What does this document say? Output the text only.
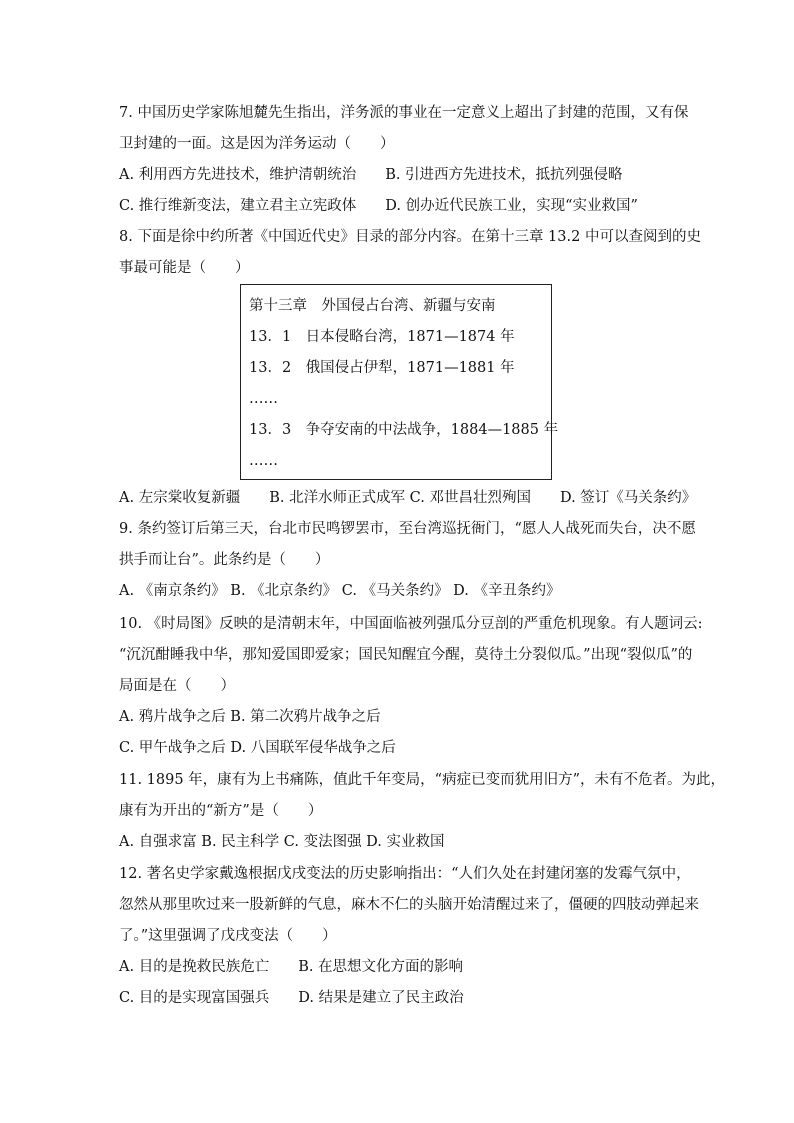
7. 中国历史学家陈旭麓先生指出，洋务派的事业在一定意义上超出了封建的范围，又有保
卫封建的一面。这是因为洋务运动（　　）
A. 利用西方先进技术，维护清朝统治　　B. 引进西方先进技术，抵抗列强侵略
C. 推行维新变法，建立君主立宪政体　　D. 创办近代民族工业，实现“实业救国”
8. 下面是徐中约所著《中国近代史》目录的部分内容。在第十三章 13.2 中可以查阅到的史
事最可能是（　　）
第十三章　外国侵占台湾、新疆与安南
13．1　日本侵略台湾，1871—1874 年
13．2　俄国侵占伊犁，1871—1881 年
……
13．3　争夺安南的中法战争，1884—1885 年
……
A. 左宗棠收复新疆　　B. 北洋水师正式成军 C. 邓世昌壮烈殉国　　D. 签订《马关条约》
9. 条约签订后第三天，台北市民鸣锣罢市，至台湾巡抚衙门，“愿人人战死而失台，决不愿
拱手而让台”。此条约是（　　）
A. 《南京条约》 B. 《北京条约》 C. 《马关条约》 D. 《辛丑条约》
10. 《时局图》反映的是清朝末年，中国面临被列强瓜分豆剖的严重危机现象。有人题词云:
“沉沉酣睡我中华，那知爱国即爱家；国民知醒宜今醒，莫待土分裂似瓜。”出现“裂似瓜”的
局面是在（　　）
A. 鸦片战争之后 B. 第二次鸦片战争之后
C. 甲午战争之后 D. 八国联军侵华战争之后
11. 1895 年，康有为上书痛陈，值此千年变局，“病症已变而犹用旧方”，未有不危者。为此，
康有为开出的“新方”是（　　）
A. 自强求富 B. 民主科学 C. 变法图强 D. 实业救国
12. 著名史学家戴逸根据戊戌变法的历史影响指出：“人们久处在封建闭塞的发霉气氛中，
忽然从那里吹过来一股新鲜的气息，麻木不仁的头脑开始清醒过来了，僵硬的四肢动弹起来
了。”这里强调了戊戌变法（　　）
A. 目的是挽救民族危亡　　B. 在思想文化方面的影响
C. 目的是实现富国强兵　　D. 结果是建立了民主政治
